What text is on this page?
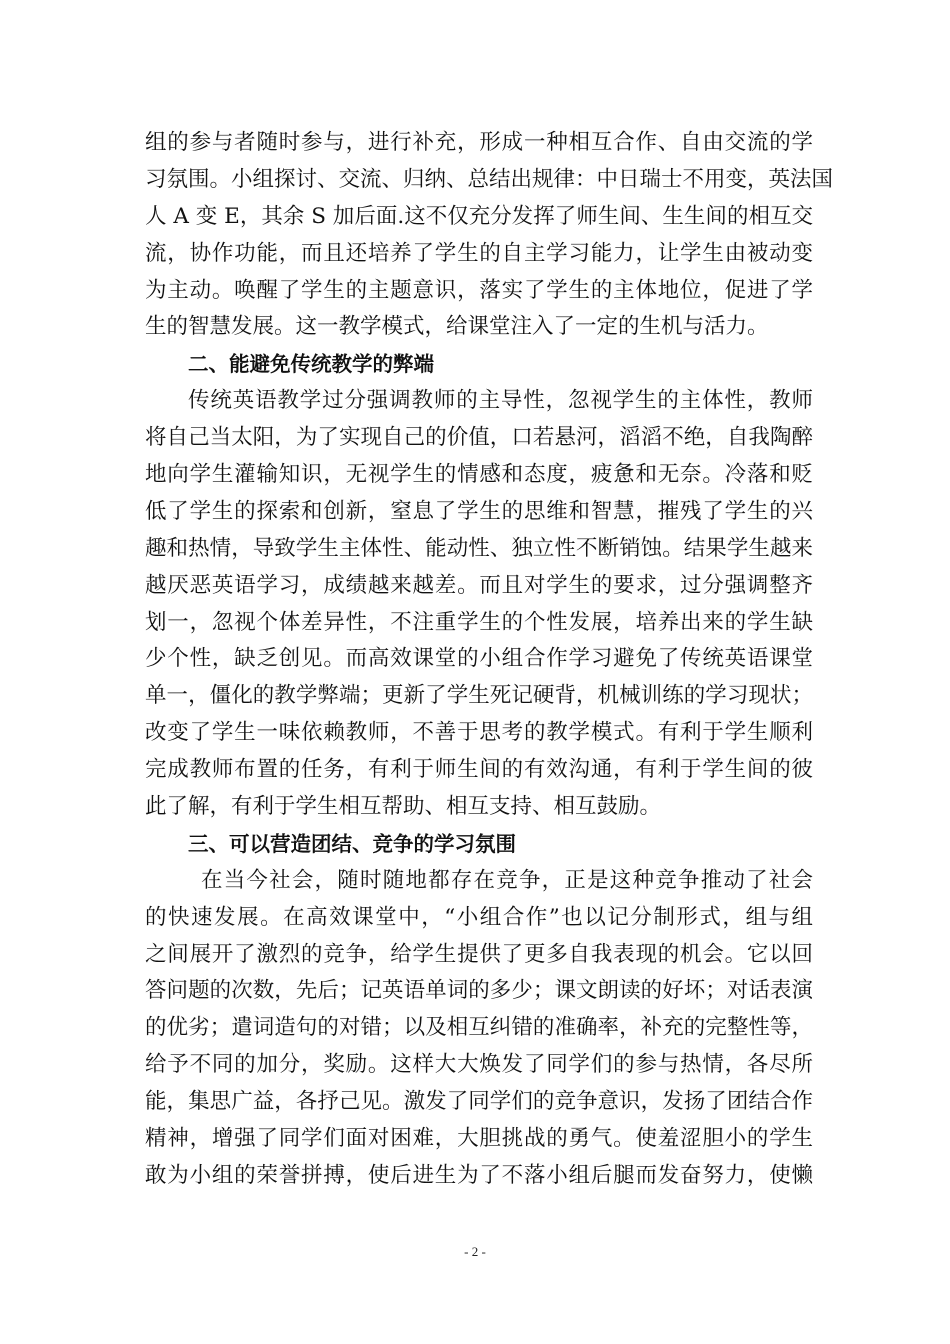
组的参与者随时参与，进行补充，形成一种相互合作、自由交流的学
习氛围。小组探讨、交流、归纳、总结出规律：中日瑞士不用变，英法国
人 A 变 E，其余 S 加后面.这不仅充分发挥了师生间、生生间的相互交
流，协作功能，而且还培养了学生的自主学习能力，让学生由被动变
为主动。唤醒了学生的主题意识，落实了学生的主体地位，促进了学
生的智慧发展。这一教学模式，给课堂注入了一定的生机与活力。
二、能避免传统教学的弊端
传统英语教学过分强调教师的主导性，忽视学生的主体性，教师
将自己当太阳，为了实现自己的价值，口若悬河，滔滔不绝，自我陶醉
地向学生灌输知识，无视学生的情感和态度，疲惫和无奈。冷落和贬
低了学生的探索和创新，窒息了学生的思维和智慧，摧残了学生的兴
趣和热情，导致学生主体性、能动性、独立性不断销蚀。结果学生越来
越厌恶英语学习，成绩越来越差。而且对学生的要求，过分强调整齐
划一，忽视个体差异性，不注重学生的个性发展，培养出来的学生缺
少个性，缺乏创见。而高效课堂的小组合作学习避免了传统英语课堂
单一，僵化的教学弊端；更新了学生死记硬背，机械训练的学习现状；
改变了学生一味依赖教师，不善于思考的教学模式。有利于学生顺利
完成教师布置的任务，有利于师生间的有效沟通，有利于学生间的彼
此了解，有利于学生相互帮助、相互支持、相互鼓励。
三、可以营造团结、竞争的学习氛围
在当今社会，随时随地都存在竞争，正是这种竞争推动了社会
的快速发展。在高效课堂中，“小组合作”也以记分制形式，组与组
之间展开了激烈的竞争，给学生提供了更多自我表现的机会。它以回
答问题的次数，先后；记英语单词的多少；课文朗读的好坏；对话表演
的优劣；遣词造句的对错；以及相互纠错的准确率，补充的完整性等，
给予不同的加分，奖励。这样大大焕发了同学们的参与热情，各尽所
能，集思广益，各抒己见。激发了同学们的竞争意识，发扬了团结合作
精神，增强了同学们面对困难，大胆挑战的勇气。使羞涩胆小的学生
敢为小组的荣誉拼搏，使后进生为了不落小组后腿而发奋努力，使懒
- 2 -
